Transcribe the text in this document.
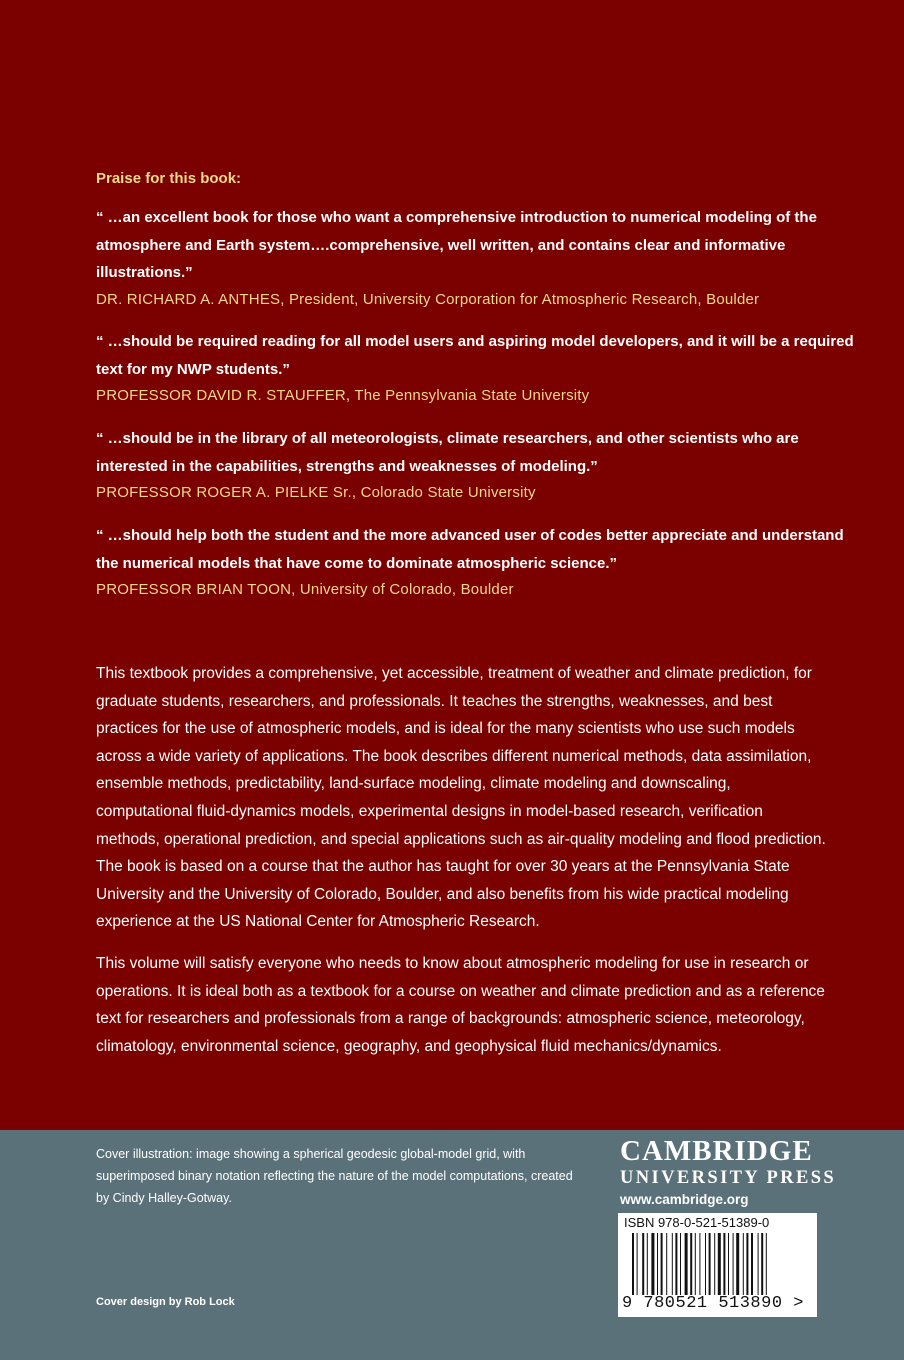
Praise for this book:
“ …an excellent book for those who want a comprehensive introduction to numerical modeling of the atmosphere and Earth system….comprehensive, well written, and contains clear and informative illustrations.”
DR. RICHARD A. ANTHES, President, University Corporation for Atmospheric Research, Boulder
“ …should be required reading for all model users and aspiring model developers, and it will be a required text for my NWP students.”
PROFESSOR DAVID R. STAUFFER, The Pennsylvania State University
“ …should be in the library of all meteorologists, climate researchers, and other scientists who are interested in the capabilities, strengths and weaknesses of modeling.”
PROFESSOR ROGER A. PIELKE Sr., Colorado State University
“ …should help both the student and the more advanced user of codes better appreciate and understand the numerical models that have come to dominate atmospheric science.”
PROFESSOR BRIAN TOON, University of Colorado, Boulder
This textbook provides a comprehensive, yet accessible, treatment of weather and climate prediction, for graduate students, researchers, and professionals. It teaches the strengths, weaknesses, and best practices for the use of atmospheric models, and is ideal for the many scientists who use such models across a wide variety of applications. The book describes different numerical methods, data assimilation, ensemble methods, predictability, land-surface modeling, climate modeling and downscaling, computational fluid-dynamics models, experimental designs in model-based research, verification methods, operational prediction, and special applications such as air-quality modeling and flood prediction. The book is based on a course that the author has taught for over 30 years at the Pennsylvania State University and the University of Colorado, Boulder, and also benefits from his wide practical modeling experience at the US National Center for Atmospheric Research.
This volume will satisfy everyone who needs to know about atmospheric modeling for use in research or operations. It is ideal both as a textbook for a course on weather and climate prediction and as a reference text for researchers and professionals from a range of backgrounds: atmospheric science, meteorology, climatology, environmental science, geography, and geophysical fluid mechanics/dynamics.
Cover illustration: image showing a spherical geodesic global-model grid, with superimposed binary notation reflecting the nature of the model computations, created by Cindy Halley-Gotway.
Cover design by Rob Lock
CAMBRIDGE
UNIVERSITY PRESS
www.cambridge.org
ISBN 978-0-521-51389-0
9 780521 513890 >
